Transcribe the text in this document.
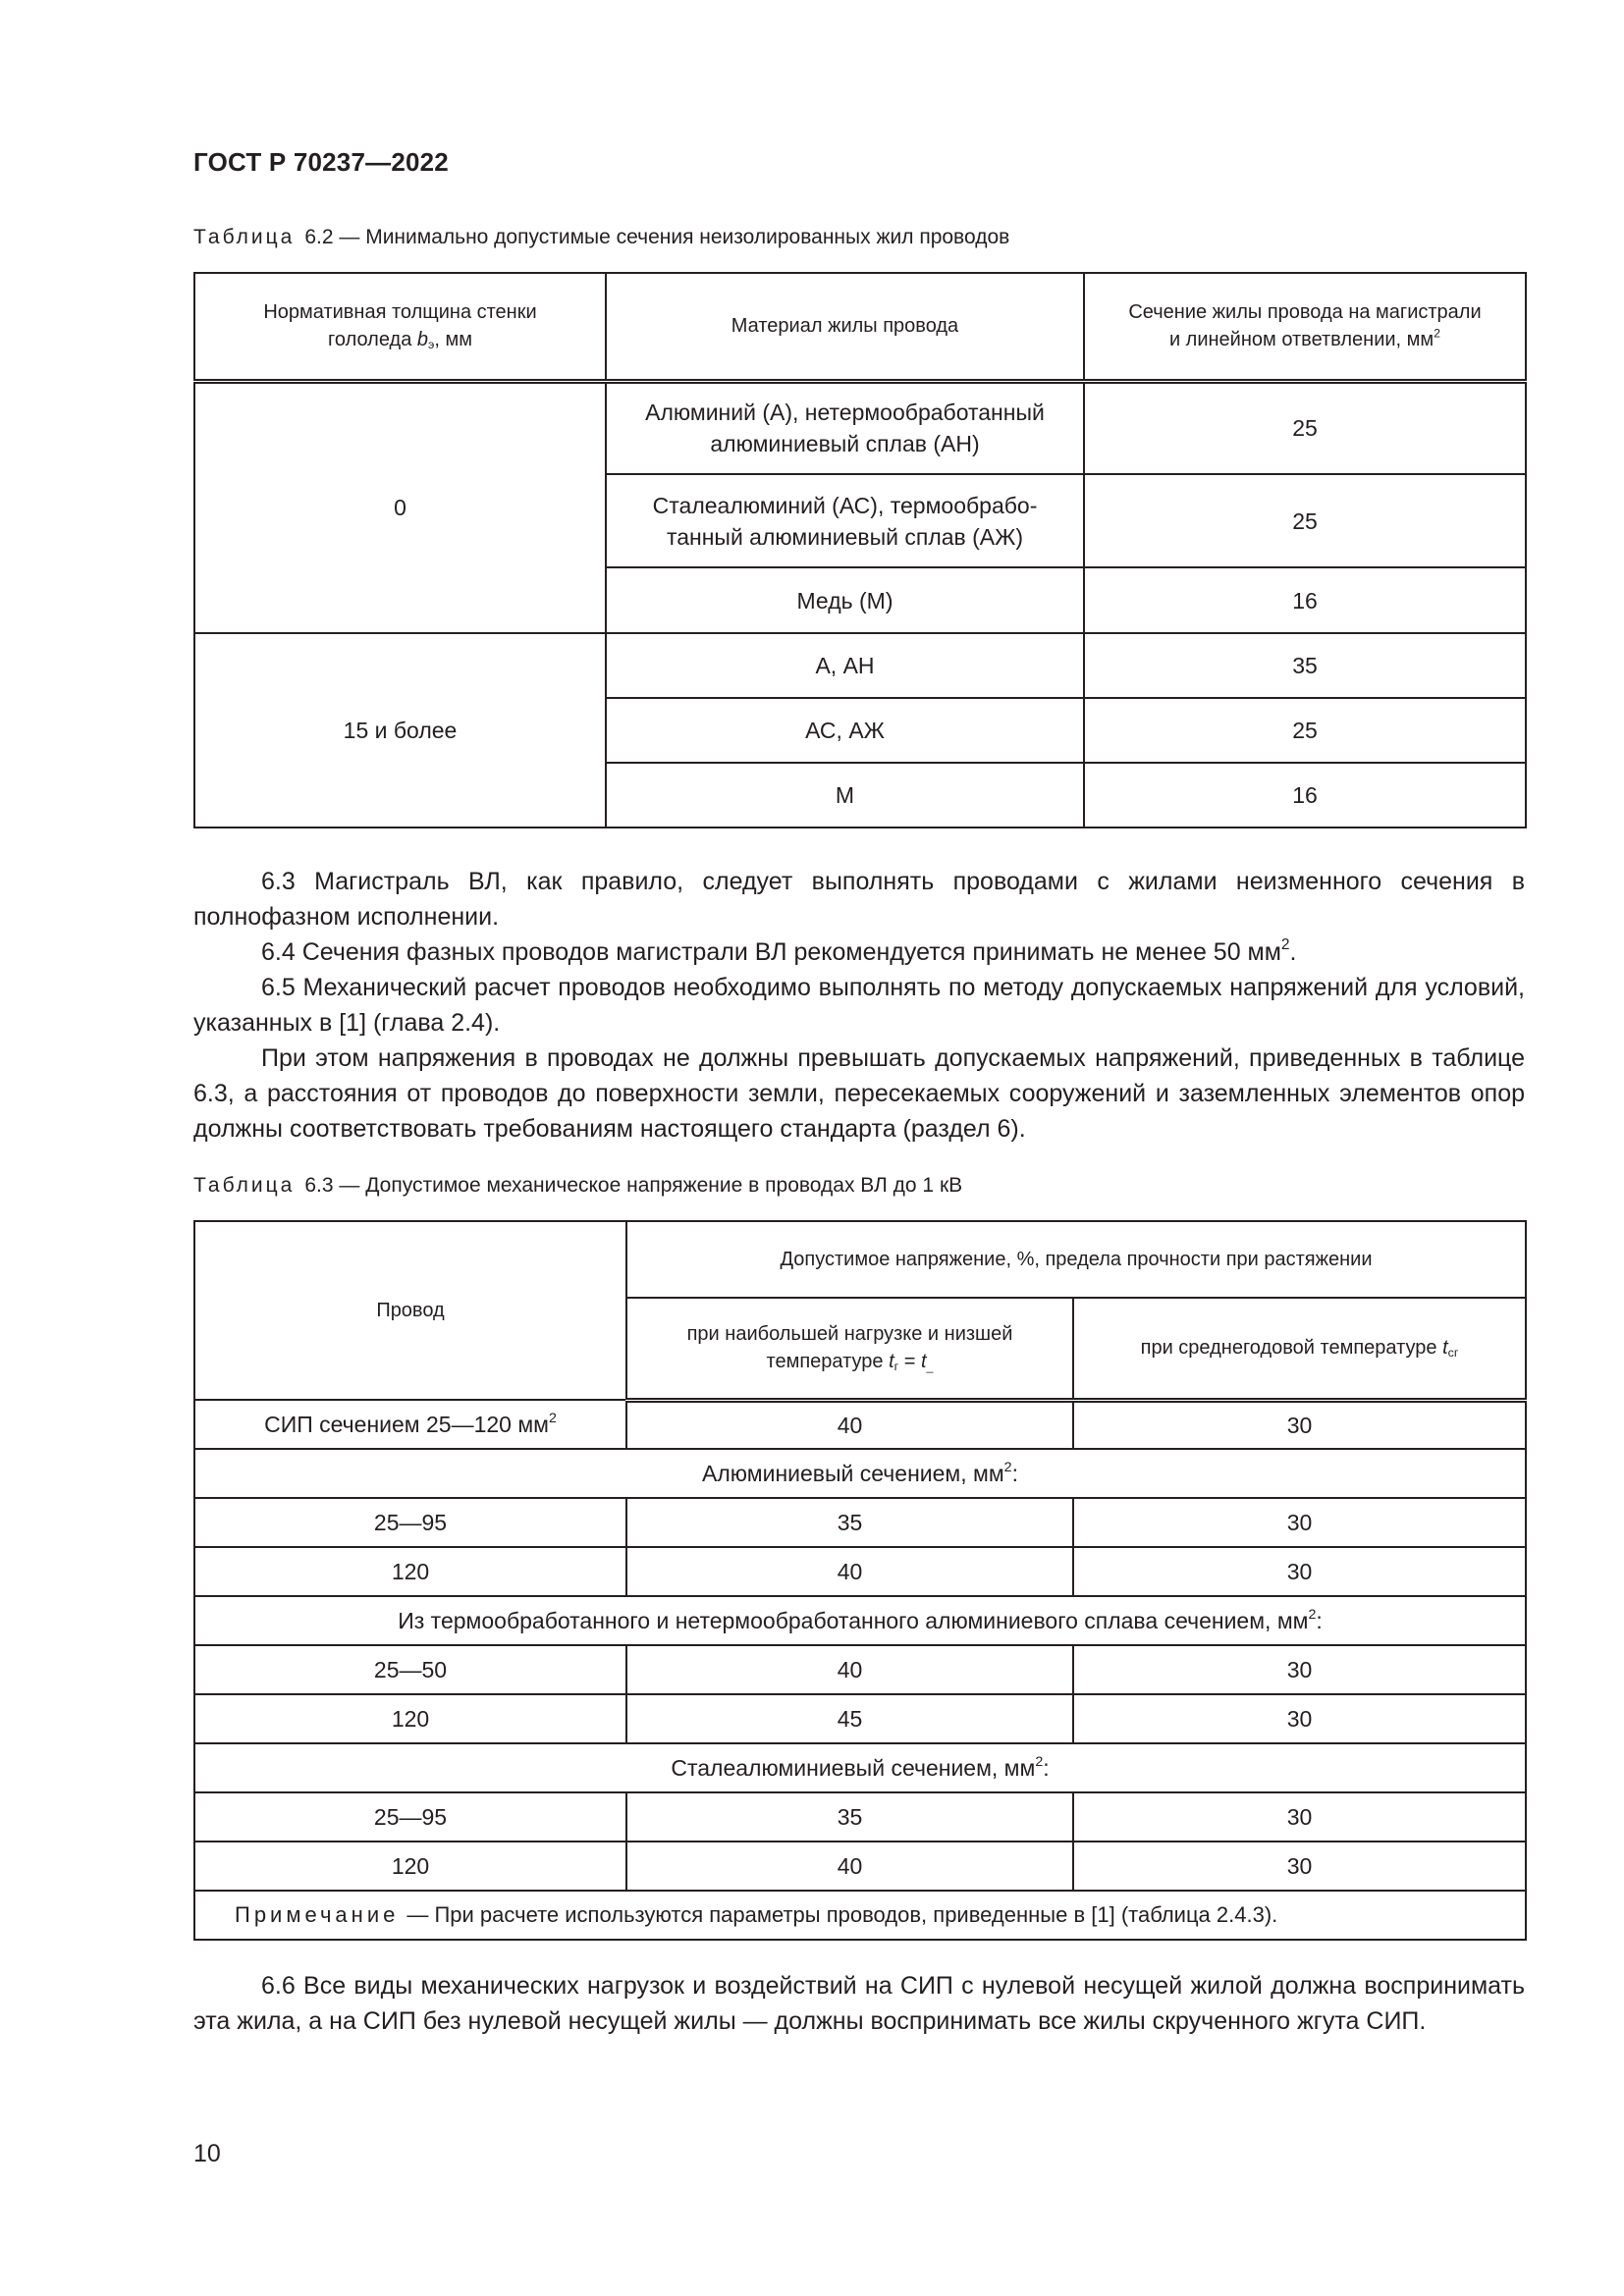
ГОСТ Р 70237—2022
Таблица 6.2 — Минимально допустимые сечения неизолированных жил проводов
Нормативная толщина стенки
гололеда $b_э$, мм	Материал жилы провода	Сечение жилы провода на магистрали
и линейном ответвлении, $мм^2$
0	Алюминий (А), нетермообработанный
алюминиевый сплав (АН)	25
	Сталеалюминий (АС), термообрабо-
танный алюминиевый сплав (АЖ)	25
	Медь (М)	16
15 и более	А, АН	35
	АС, АЖ	25
	М	16

6.3 Магистраль ВЛ, как правило, следует выполнять проводами с жилами неизменного сечения в полнофазном исполнении.

6.4 Сечения фазных проводов магистрали ВЛ рекомендуется принимать не менее 50 $мм^2$.

6.5 Механический расчет проводов необходимо выполнять по методу допускаемых напряжений для условий, указанных в [1] (глава 2.4).

При этом напряжения в проводах не должны превышать допускаемых напряжений, приведенных в таблице 6.3, а расстояния от проводов до поверхности земли, пересекаемых сооружений и заземленных элементов опор должны соответствовать требованиям настоящего стандарта (раздел 6).

Таблица 6.3 — Допустимое механическое напряжение в проводах ВЛ до 1 кВ
Провод	Допустимое напряжение, %, предела прочности при растяжении	
	при наибольшей нагрузке и низшей
температуре $t_г = t_{\_}$	при среднегодовой температуре $t_{сг}$
СИП сечением 25—120 $мм^2$	40	30
Алюминиевый сечением, $мм^2$:		
25—95	35	30
120	40	30
Из термообработанного и нетермообработанного алюминиевого сплава сечением, $мм^2$:		
25—50	40	30
120	45	30
Сталеалюминиевый сечением, $мм^2$:		
25—95	35	30
120	40	30
Примечание — При расчете используются параметры проводов, приведенные в [1] (таблица 2.4.3).		

6.6 Все виды механических нагрузок и воздействий на СИП с нулевой несущей жилой должна воспринимать эта жила, а на СИП без нулевой несущей жилы — должны воспринимать все жилы скрученного жгута СИП.

10
